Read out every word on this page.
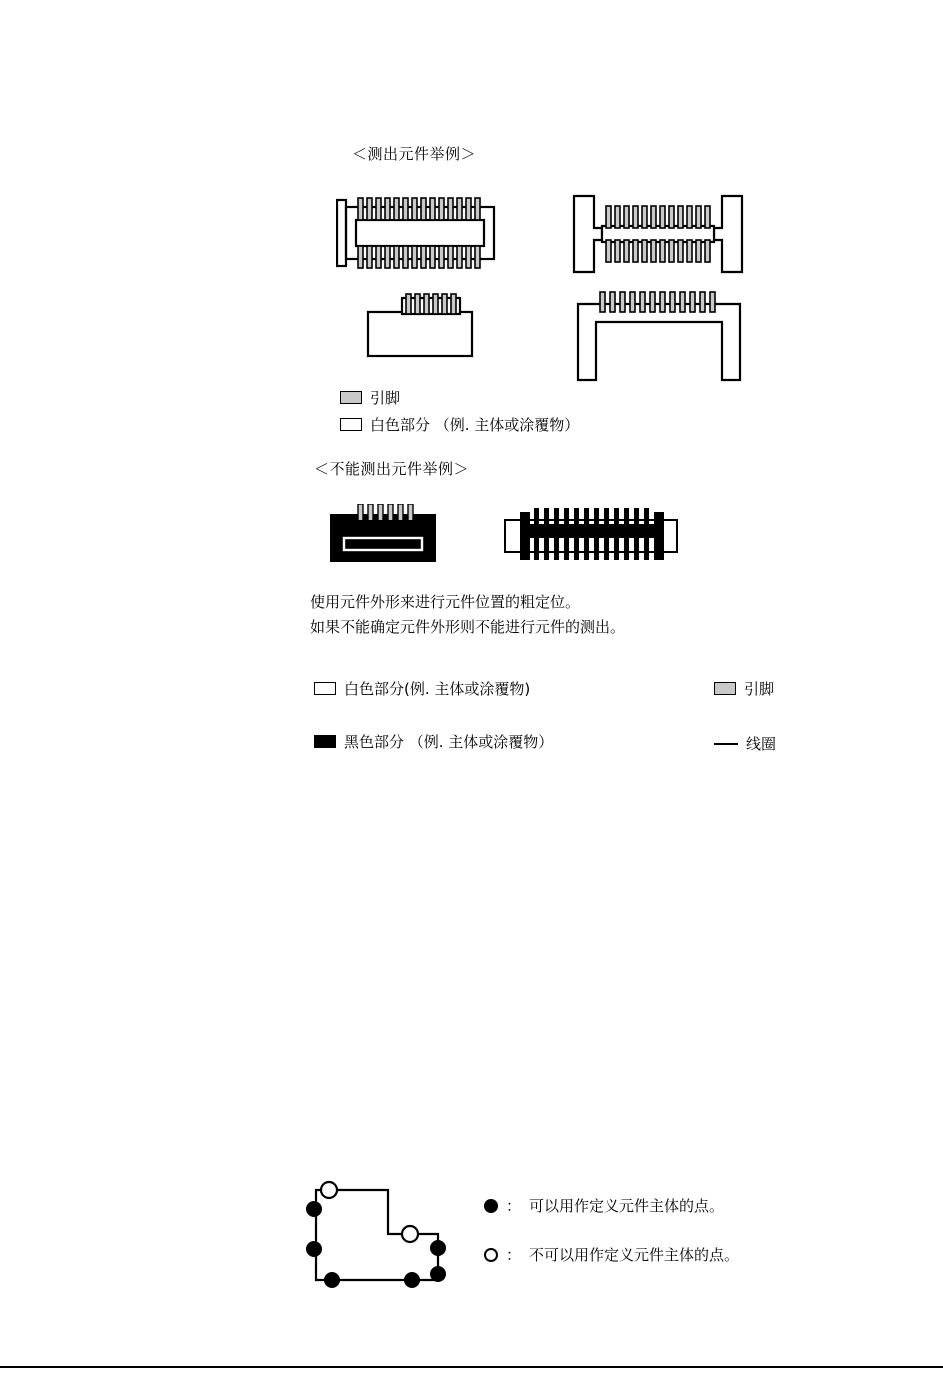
＜测出元件举例＞
引脚
白色部分 （例. 主体或涂覆物）
＜不能测出元件举例＞
使用元件外形来进行元件位置的粗定位。
如果不能确定元件外形则不能进行元件的测出。
白色部分(例. 主体或涂覆物)
黑色部分 （例. 主体或涂覆物）
引脚
线圈
： 可以用作定义元件主体的点。
： 不可以用作定义元件主体的点。
